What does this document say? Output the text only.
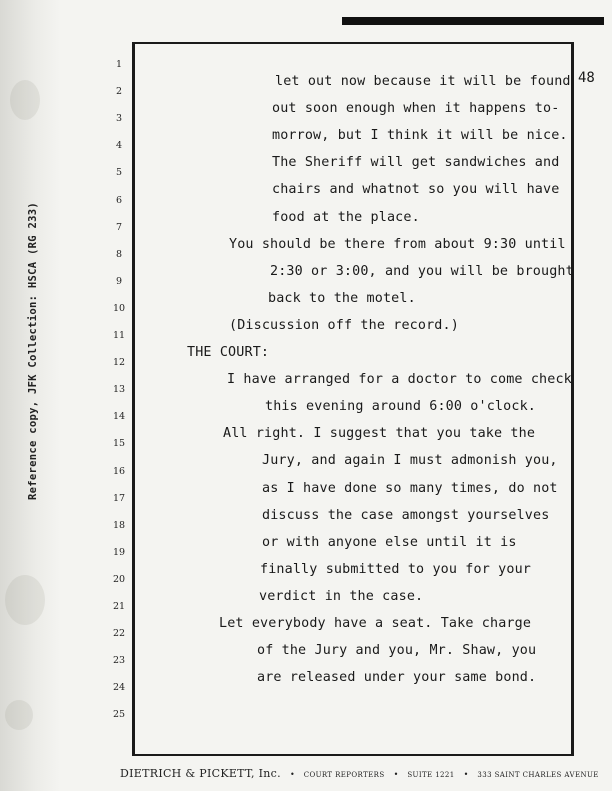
Reference copy, JFK Collection: HSCA (RG 233)
48
1
2
3
4
5
6
7
8
9
10
11
12
13
14
15
16
17
18
19
20
21
22
23
24
25
let out now because it will be found
out soon enough when it happens to-
morrow, but I think it will be nice.
The Sheriff will get sandwiches and
chairs and whatnot so you will have
food at the place.
You should be there from about 9:30 until
2:30 or 3:00, and you will be brought
back to the motel.
(Discussion off the record.)
THE COURT:
I have arranged for a doctor to come check
this evening around 6:00 o'clock.
All right. I suggest that you take the
Jury, and again I must admonish you,
as I have done so many times, do not
discuss the case amongst yourselves
or with anyone else until it is
finally submitted to you for your
verdict in the case.
Let everybody have a seat. Take charge
of the Jury and you, Mr. Shaw, you
are released under your same bond.
DIETRICH & PICKETT, Inc. • COURT REPORTERS • SUITE 1221 • 333 SAINT CHARLES AVENUE
